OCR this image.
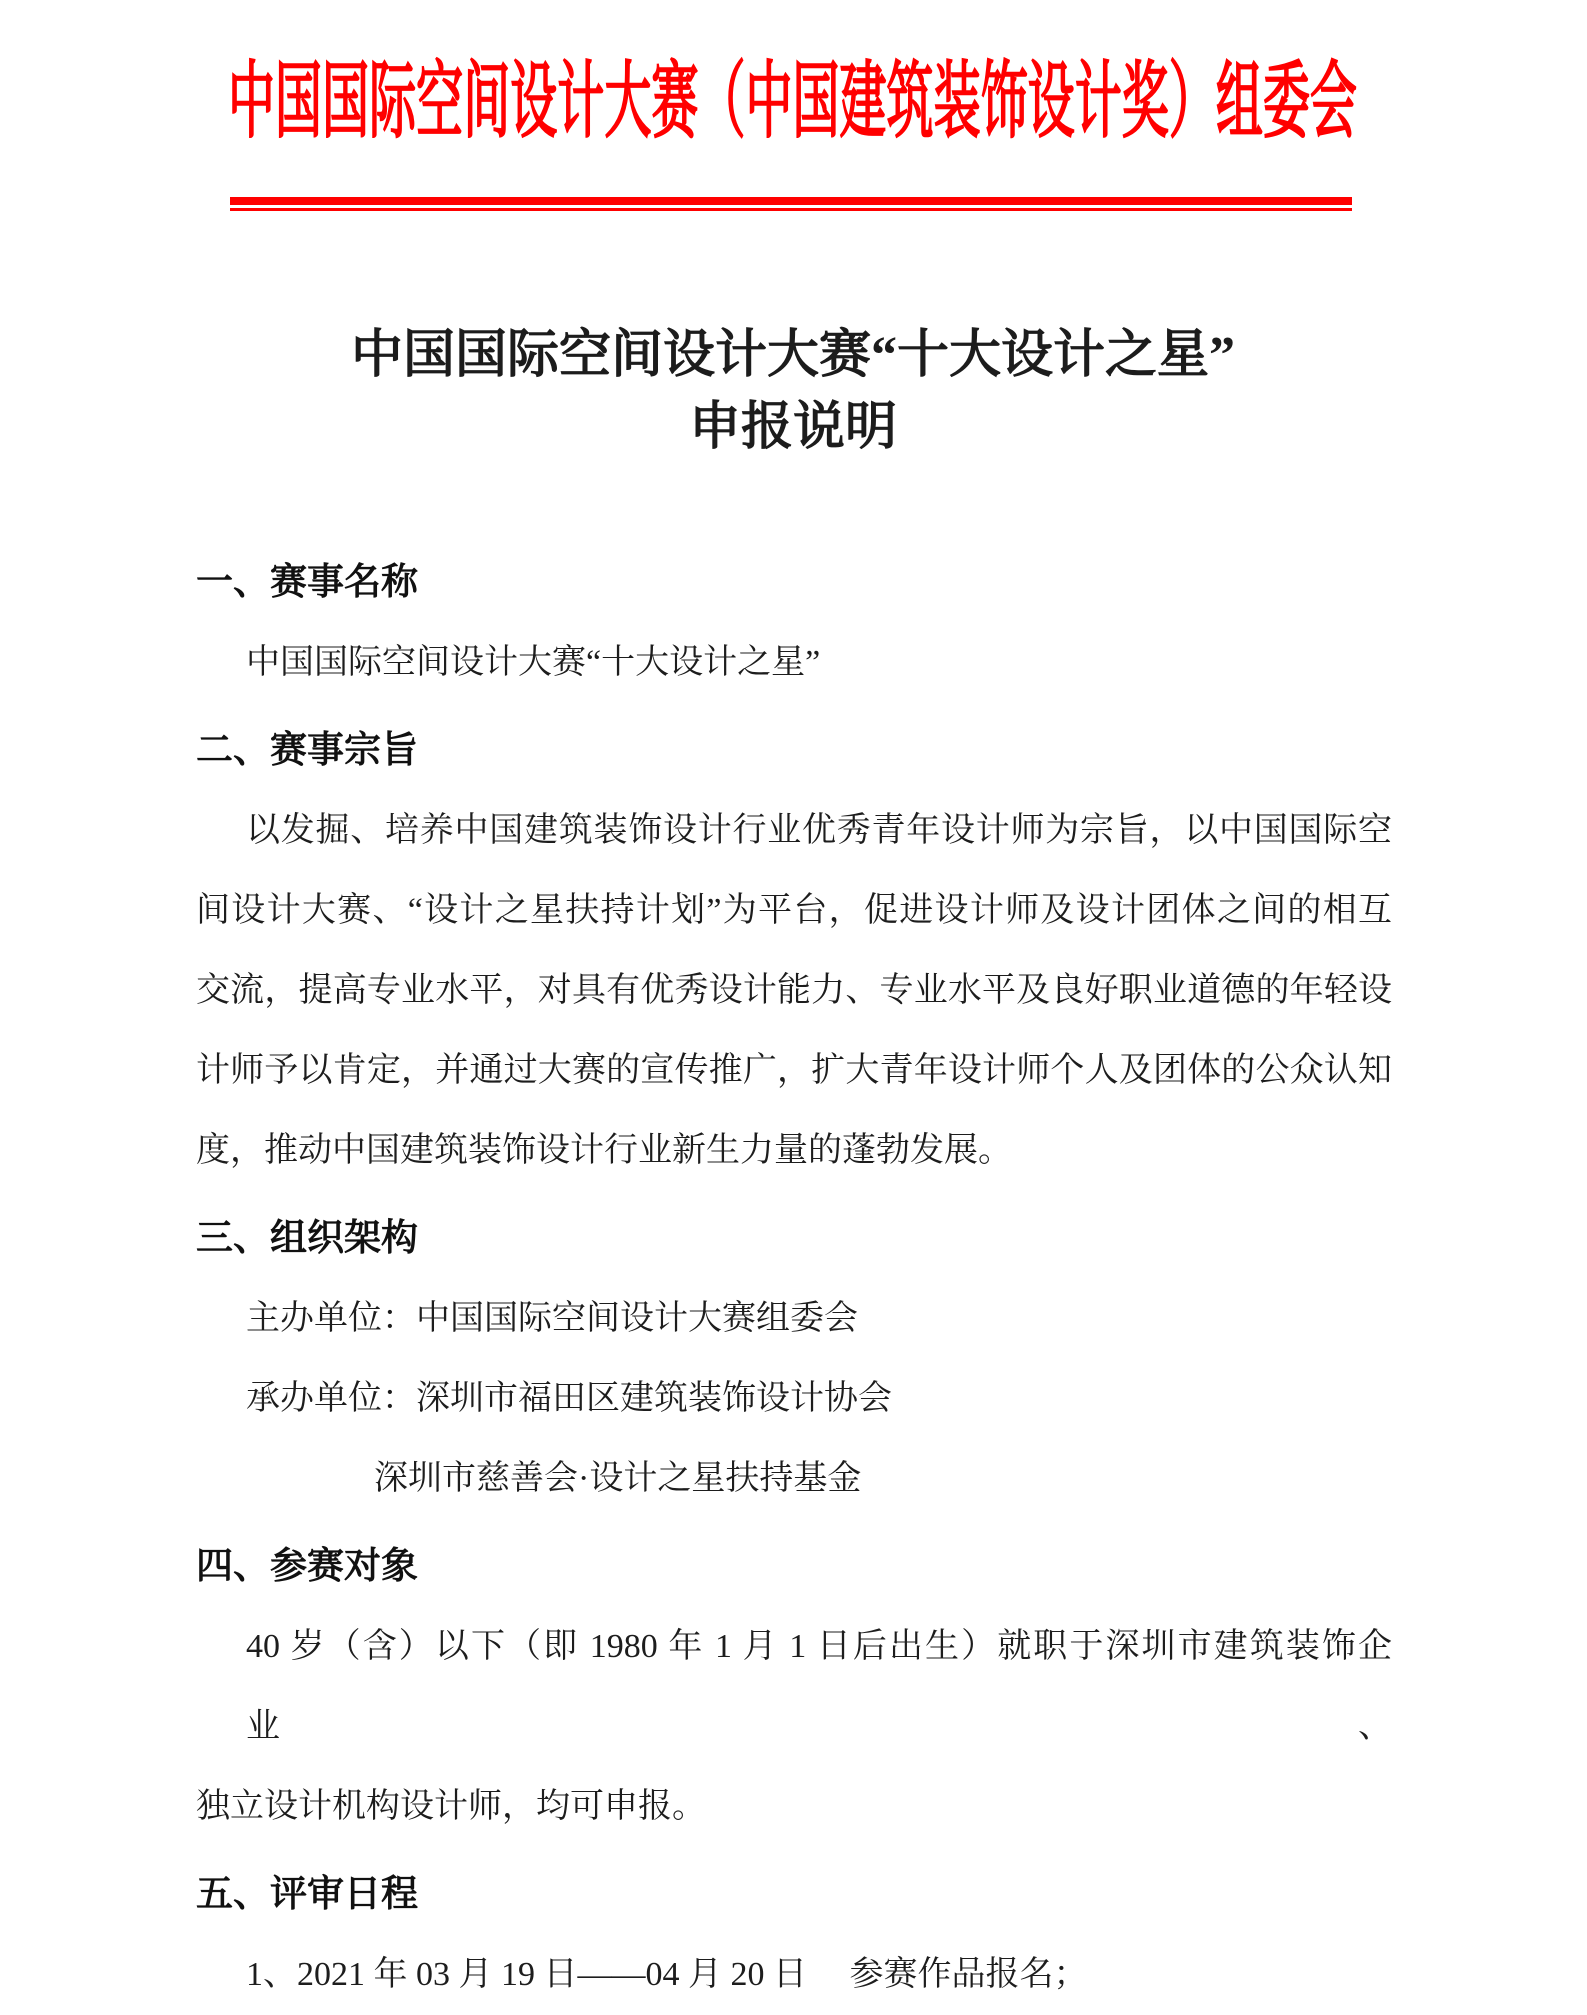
中国国际空间设计大赛（中国建筑装饰设计奖）组委会
中国国际空间设计大赛“十大设计之星”
申报说明
一、赛事名称
中国国际空间设计大赛“十大设计之星”
二、赛事宗旨
以发掘、培养中国建筑装饰设计行业优秀青年设计师为宗旨，以中国国际空
间设计大赛、“设计之星扶持计划”为平台，促进设计师及设计团体之间的相互
交流，提高专业水平，对具有优秀设计能力、专业水平及良好职业道德的年轻设
计师予以肯定，并通过大赛的宣传推广，扩大青年设计师个人及团体的公众认知
度，推动中国建筑装饰设计行业新生力量的蓬勃发展。
三、组织架构
主办单位：中国国际空间设计大赛组委会
承办单位：深圳市福田区建筑装饰设计协会
深圳市慈善会·设计之星扶持基金
四、参赛对象
40 岁（含）以下（即 1980 年 1 月 1 日后出生）就职于深圳市建筑装饰企业、
独立设计机构设计师，均可申报。
五、评审日程
1、2021 年 03 月 19 日——04 月 20 日　 参赛作品报名；
